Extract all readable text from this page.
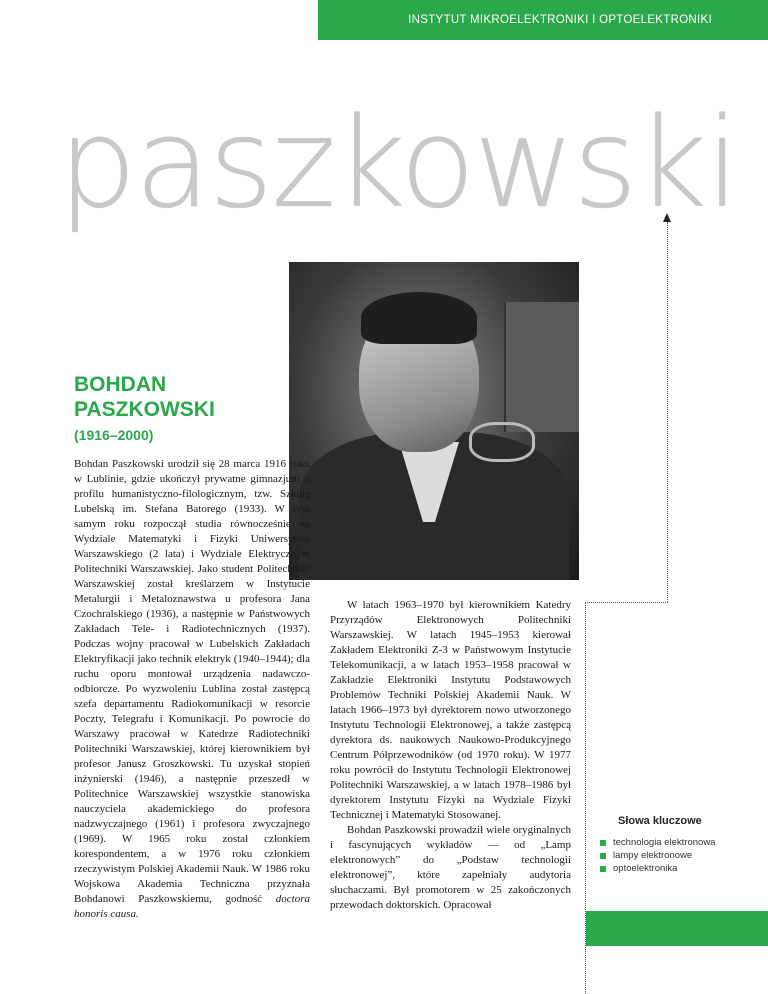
INSTYTUT MIKROELEKTRONIKI I OPTOELEKTRONIKI
paszkowski
BOHDAN
PASZKOWSKI
(1916–2000)
Bohdan Paszkowski urodził się 28 marca 1916 roku w Lublinie, gdzie ukończył prywatne gimnazjum o profilu humanistyczno-filologicznym, tzw. Szkołę Lubelską im. Stefana Batorego (1933). W tym samym roku rozpoczął studia równocześnie na Wydziale Matematyki i Fizyki Uniwersytetu Warszawskiego (2 lata) i Wydziale Elektrycznym Politechniki Warszawskiej. Jako student Politechniki Warszawskiej został kreślarzem w Instytucie Metalurgii i Metaloznawstwa u profesora Jana Czochralskiego (1936), a następnie w Państwowych Zakładach Tele- i Radiotechnicznych (1937). Podczas wojny pracował w Lubelskich Zakładach Elektryfikacji jako technik elektryk (1940–1944); dla ruchu oporu montował urządzenia nadawczo-odbiorcze. Po wyzwoleniu Lublina został zastępcą szefa departamentu Radiokomunikacji w resorcie Poczty, Telegrafu i Komunikacji. Po powrocie do Warszawy pracował w Katedrze Radiotechniki Politechniki Warszawskiej, której kierownikiem był profesor Janusz Groszkowski. Tu uzyskał stopień inżynierski (1946), a następnie przeszedł w Politechnice Warszawskiej wszystkie stanowiska nauczyciela akademickiego do profesora nadzwyczajnego (1961) i profesora zwyczajnego (1969). W 1965 roku został członkiem korespondentem, a w 1976 roku członkiem rzeczywistym Polskiej Akademii Nauk. W 1986 roku Wojskowa Akademia Techniczna przyznała Bohdanowi Paszkowskiemu, godność doctora honoris causa.

W latach 1963–1970 był kierownikiem Katedry Przyrządów Elektronowych Politechniki Warszawskiej. W latach 1945–1953 kierował Zakładem Elektroniki Z-3 w Państwowym Instytucie Telekomunikacji, a w latach 1953–1958 pracował w Zakładzie Elektroniki Instytutu Podstawowych Problemów Techniki Polskiej Akademii Nauk. W latach 1966–1973 był dyrektorem nowo utworzonego Instytutu Technologii Elektronowej, a także zastępcą dyrektora ds. naukowych Naukowo-Produkcyjnego Centrum Półprzewodników (od 1970 roku). W 1977 roku powrócił do Instytutu Technologii Elektronowej Politechniki Warszawskiej, a w latach 1978–1986 był dyrektorem Instytutu Fizyki na Wydziale Fizyki Technicznej i Matematyki Stosowanej.

Bohdan Paszkowski prowadził wiele oryginalnych i fascynujących wykładów — od „Lamp elektronowych” do „Podstaw technologii elektronowej”, które zapełniały audytoria słuchaczami. Był promotorem w 25 zakończonych przewodach doktorskich. Opracował

Słowa kluczowe
technologia elektronowa
lampy elektronowe
optoelektronika
